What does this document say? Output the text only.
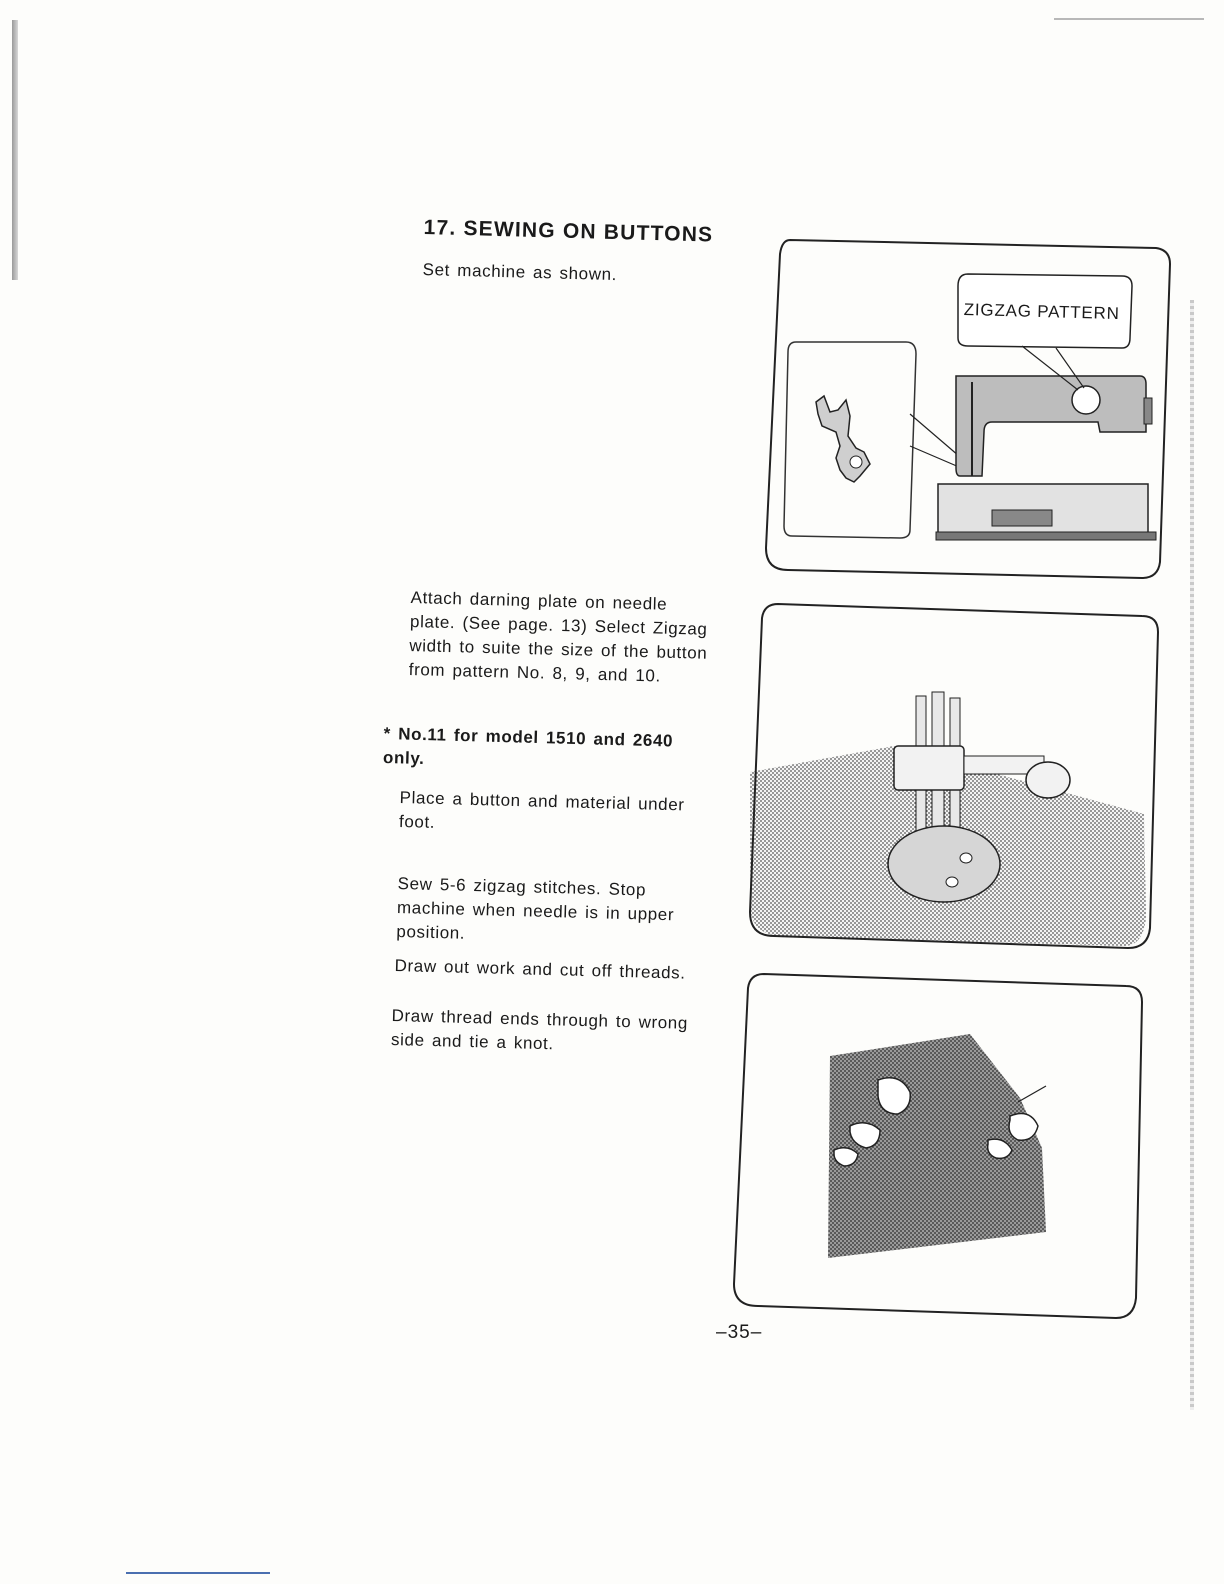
17. SEWING ON BUTTONS

Set machine as shown.

Attach darning plate on needle plate. (See page. 13) Select Zigzag width to suite the size of the button from pattern No. 8, 9, and 10.

* No.11 for model 1510 and 2640 only.

Place a button and material under foot.

Sew 5-6 zigzag stitches. Stop machine when needle is in upper position.

Draw out work and cut off threads.

Draw thread ends through to wrong side and tie a knot.

ZIGZAG PATTERN
–35–
